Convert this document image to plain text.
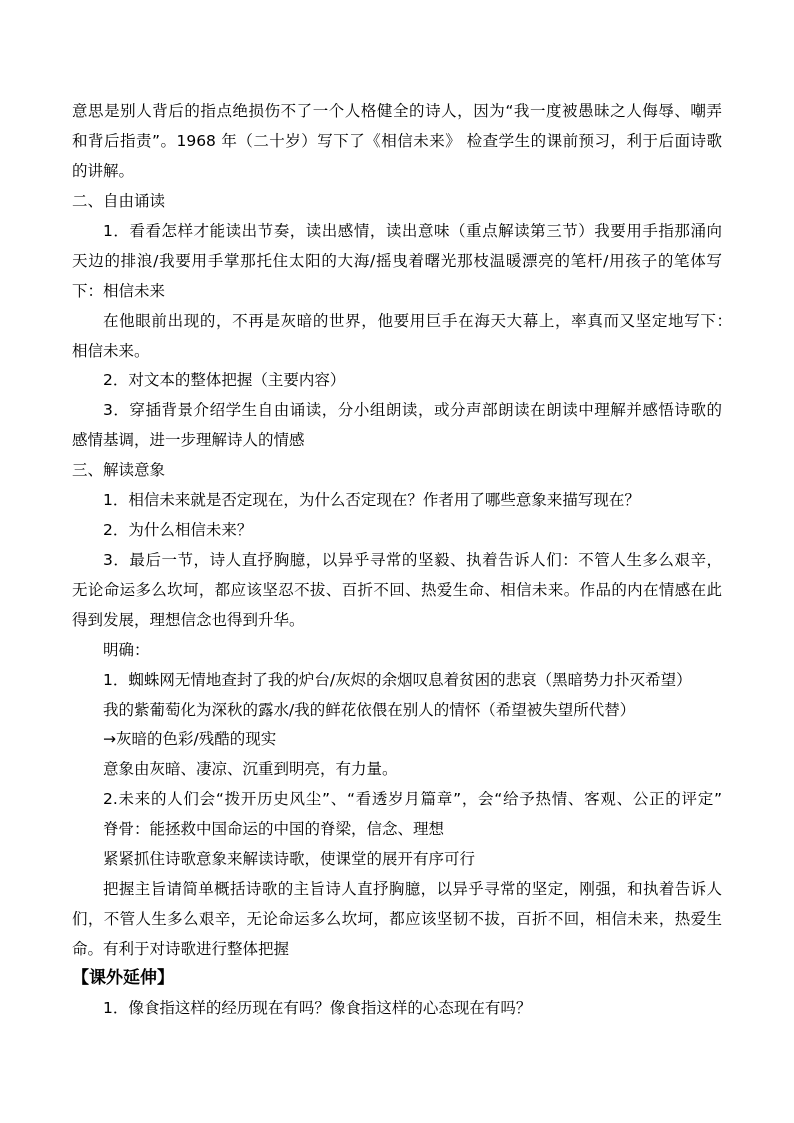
意思是别人背后的指点绝损伤不了一个人格健全的诗人，因为“我一度被愚昧之人侮辱、嘲弄
和背后指责”。1968 年（二十岁）写下了《相信未来》 检查学生的课前预习，利于后面诗歌
的讲解。
二、自由诵读
1．看看怎样才能读出节奏，读出感情，读出意味（重点解读第三节）我要用手指那涌向
天边的排浪/我要用手掌那托住太阳的大海/摇曳着曙光那枝温暖漂亮的笔杆/用孩子的笔体写
下：相信未来
在他眼前出现的，不再是灰暗的世界，他要用巨手在海天大幕上，率真而又坚定地写下：
相信未来。
2．对文本的整体把握（主要内容）
3．穿插背景介绍学生自由诵读，分小组朗读，或分声部朗读在朗读中理解并感悟诗歌的
感情基调，进一步理解诗人的情感
三、解读意象
1．相信未来就是否定现在，为什么否定现在？作者用了哪些意象来描写现在？
2．为什么相信未来？
3．最后一节，诗人直抒胸臆，以异乎寻常的坚毅、执着告诉人们：不管人生多么艰辛，
无论命运多么坎坷，都应该坚忍不拔、百折不回、热爱生命、相信未来。作品的内在情感在此
得到发展，理想信念也得到升华。
明确：
1．蜘蛛网无情地查封了我的炉台/灰烬的余烟叹息着贫困的悲哀（黑暗势力扑灭希望）
我的紫葡萄化为深秋的露水/我的鲜花依偎在别人的情怀（希望被失望所代替）
→灰暗的色彩/残酷的现实
意象由灰暗、凄凉、沉重到明亮，有力量。
2.未来的人们会“拨开历史风尘”、“看透岁月篇章”，会“给予热情、客观、公正的评定”
脊骨：能拯救中国命运的中国的脊梁，信念、理想
紧紧抓住诗歌意象来解读诗歌，使课堂的展开有序可行
把握主旨请简单概括诗歌的主旨诗人直抒胸臆，以异乎寻常的坚定，刚强，和执着告诉人
们，不管人生多么艰辛，无论命运多么坎坷，都应该坚韧不拔，百折不回，相信未来，热爱生
命。有利于对诗歌进行整体把握
【课外延伸】
1．像食指这样的经历现在有吗？像食指这样的心态现在有吗？
